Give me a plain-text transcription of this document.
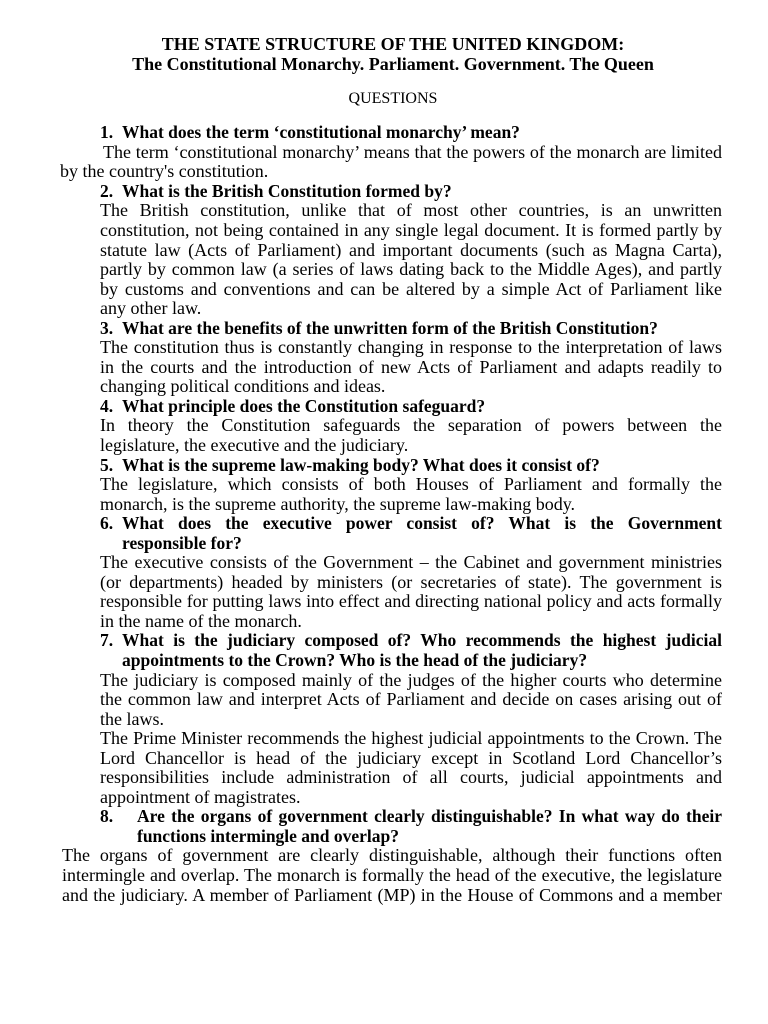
THE STATE STRUCTURE OF THE UNITED KINGDOM:
The Constitutional Monarchy. Parliament. Government. The Queen
QUESTIONS
1. What does the term ‘constitutional monarchy’ mean?
The term ‘constitutional monarchy’ means that the powers of the monarch are limited
by the country's constitution.
2. What is the British Constitution formed by?
The British constitution, unlike that of most other countries, is an unwritten
constitution, not being contained in any single legal document. It is formed partly by
statute law (Acts of Parliament) and important documents (such as Magna Carta),
partly by common law (a series of laws dating back to the Middle Ages), and partly
by customs and conventions and can be altered by a simple Act of Parliament like
any other law.
3. What are the benefits of the unwritten form of the British Constitution?
The constitution thus is constantly changing in response to the interpretation of laws
in the courts and the introduction of new Acts of Parliament and adapts readily to
changing political conditions and ideas.
4. What principle does the Constitution safeguard?
In theory the Constitution safeguards the separation of powers between the
legislature, the executive and the judiciary.
5. What is the supreme law-making body? What does it consist of?
The legislature, which consists of both Houses of Parliament and formally the
monarch, is the supreme authority, the supreme law-making body.
6. What does the executive power consist of? What is the Government
responsible for?
The executive consists of the Government – the Cabinet and government ministries
(or departments) headed by ministers (or secretaries of state). The government is
responsible for putting laws into effect and directing national policy and acts formally
in the name of the monarch.
7. What is the judiciary composed of? Who recommends the highest judicial
appointments to the Crown? Who is the head of the judiciary?
The judiciary is composed mainly of the judges of the higher courts who determine
the common law and interpret Acts of Parliament and decide on cases arising out of
the laws.
The Prime Minister recommends the highest judicial appointments to the Crown. The
Lord Chancellor is head of the judiciary except in Scotland Lord Chancellor’s
responsibilities include administration of all courts, judicial appointments and
appointment of magistrates.
8. Are the organs of government clearly distinguishable? In what way do their
functions intermingle and overlap?
The organs of government are clearly distinguishable, although their functions often
intermingle and overlap. The monarch is formally the head of the executive, the legislature
and the judiciary. A member of Parliament (MP) in the House of Commons and a member
